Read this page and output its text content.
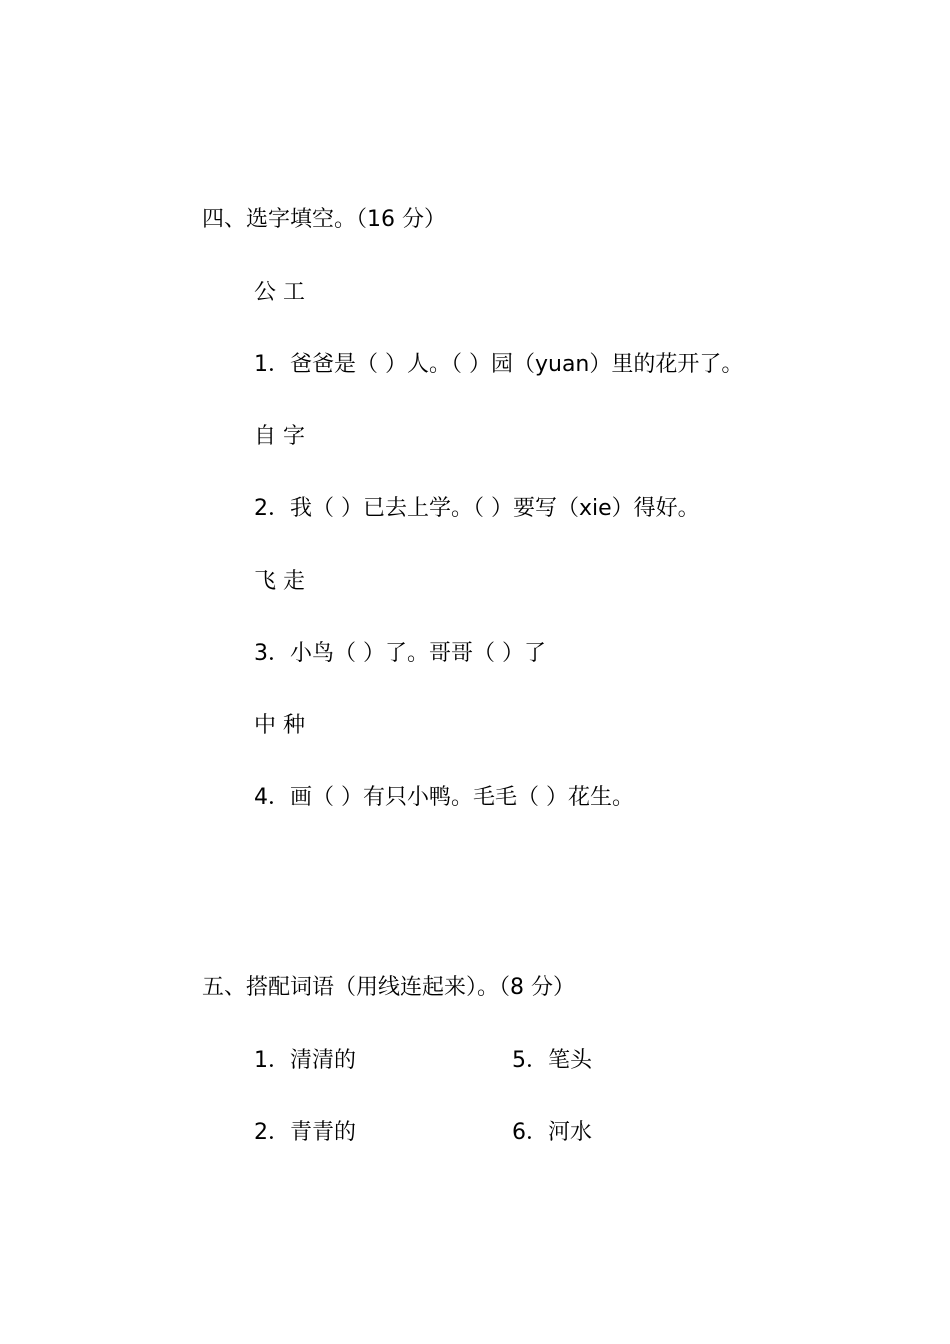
四、选字填空。（16 分）
公 工
1．爸爸是（ ）人。（ ）园（yuan）里的花开了。
自 字
2．我（ ）已去上学。（ ）要写（xie）得好。
飞 走
3．小鸟（ ）了。哥哥（ ）了
中 种
4．画（ ）有只小鸭。毛毛（ ）花生。
五、搭配词语（用线连起来）。（8 分）
1．清清的	5．笔头
2．青青的	6．河水
